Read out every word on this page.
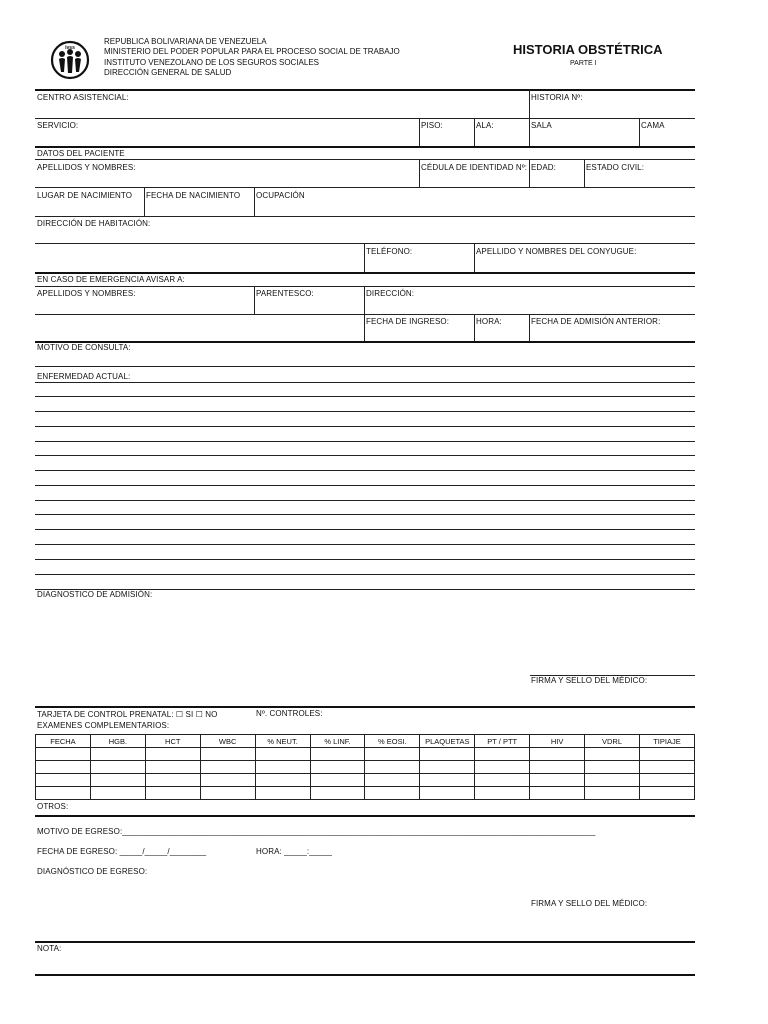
ivss
REPUBLICA BOLIVARIANA DE VENEZUELA
MINISTERIO DEL PODER POPULAR PARA EL PROCESO SOCIAL DE TRABAJO
INSTITUTO VENEZOLANO DE LOS SEGUROS SOCIALES
DIRECCIÓN GENERAL DE SALUD
HISTORIA OBSTÉTRICA
PARTE I
CENTRO ASISTENCIAL:	HISTORIA Nº:
SERVICIO:	PISO:	ALA:	SALA	CAMA
DATOS DEL PACIENTE
APELLIDOS Y NOMBRES:	CÉDULA DE IDENTIDAD Nº: EDAD:	ESTADO CIVIL:
LUGAR DE NACIMIENTO FECHA DE NACIMIENTO OCUPACIÓN
DIRECCIÓN DE HABITACIÓN:
TELÉFONO:	APELLIDO Y NOMBRES DEL CONYUGUE:
EN CASO DE EMERGENCIA AVISAR A:
APELLIDOS Y NOMBRES:	PARENTESCO:	DIRECCIÓN:
FECHA DE INGRESO:	HORA:	FECHA DE ADMISIÓN ANTERIOR:
MOTIVO DE CONSULTA:
ENFERMEDAD ACTUAL:
DIAGNOSTICO DE ADMISIÓN:
FIRMA Y SELLO DEL MÉDICO:
TARJETA DE CONTROL PRENATAL: ☐ SI ☐ NO	Nº. CONTROLES:
EXAMENES COMPLEMENTARIOS:
FECHA	HGB.	HCT	WBC	% NEUT.	% LINF.	% EOSI.	PLAQUETAS	PT / PTT	HIV	VDRL	TIPIAJE

OTROS:
MOTIVO DE EGRESO:________________________________________________________________________________________________________
FECHA DE EGRESO: _____/_____/________	HORA: _____:_____
DIAGNÓSTICO DE EGRESO:
FIRMA Y SELLO DEL MÉDICO:
NOTA:
